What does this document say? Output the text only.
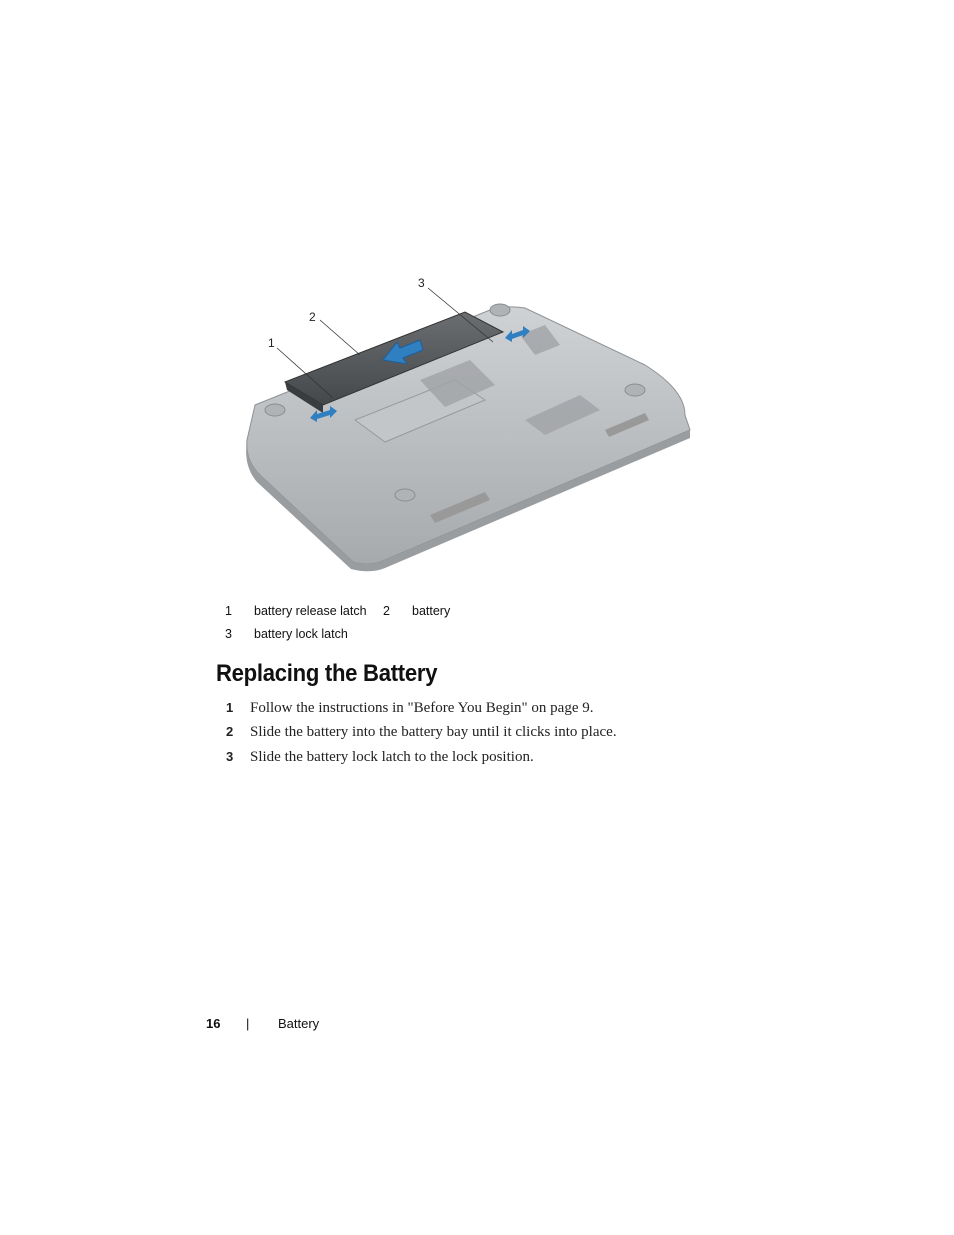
1
2
3
1 battery release latch 2 battery
3 battery lock latch
Replacing the Battery
1 Follow the instructions in "Before You Begin" on page 9.
2 Slide the battery into the battery bay until it clicks into place.
3 Slide the battery lock latch to the lock position.
16 | Battery
